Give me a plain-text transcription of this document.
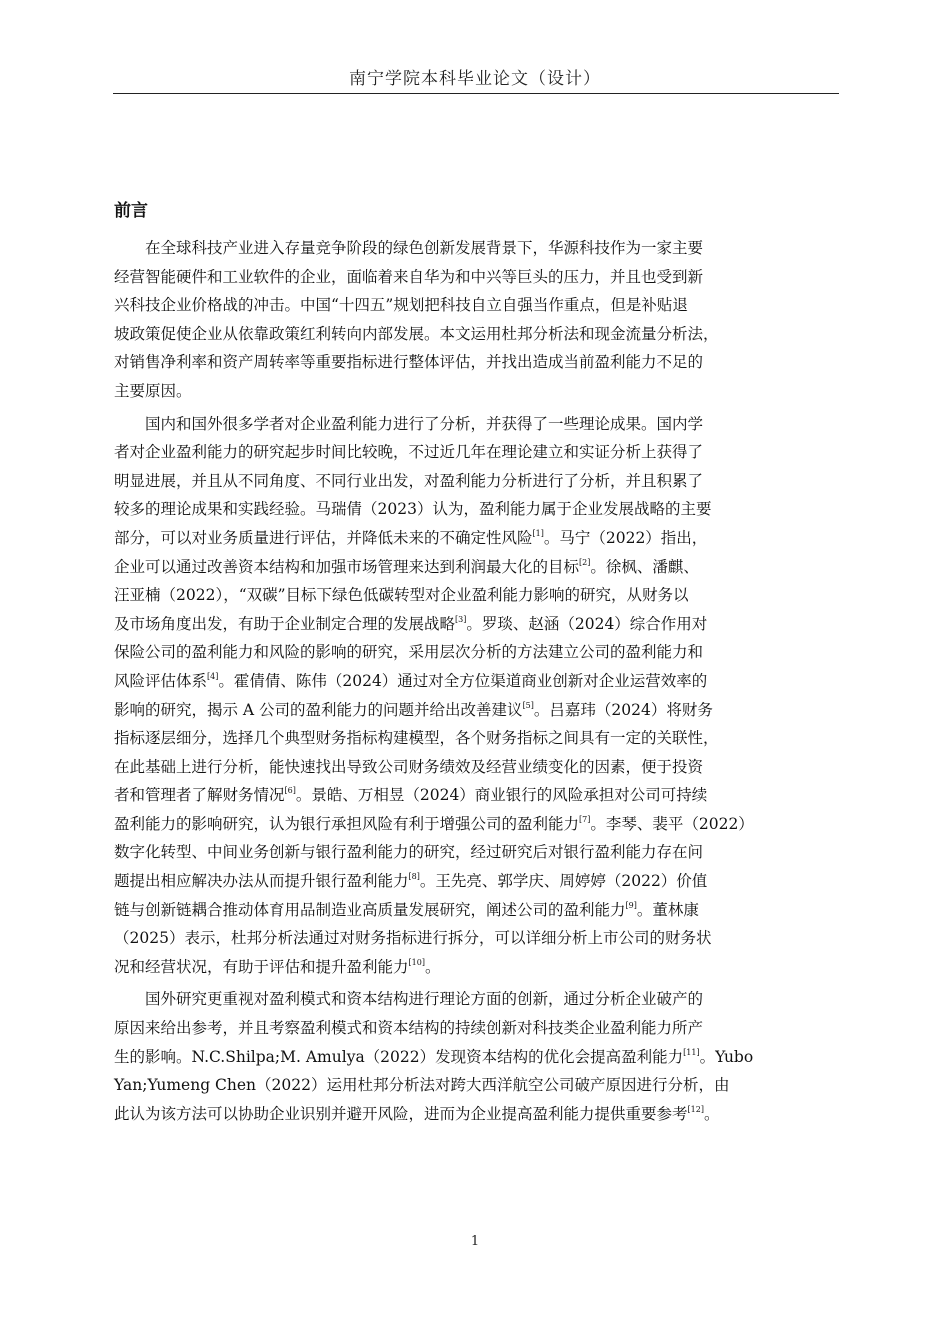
南宁学院本科毕业论文（设计）
前言

在全球科技产业进入存量竞争阶段的绿色创新发展背景下，华源科技作为一家主要
经营智能硬件和工业软件的企业，面临着来自华为和中兴等巨头的压力，并且也受到新
兴科技企业价格战的冲击。中国“十四五”规划把科技自立自强当作重点，但是补贴退
坡政策促使企业从依靠政策红利转向内部发展。本文运用杜邦分析法和现金流量分析法，
对销售净利率和资产周转率等重要指标进行整体评估，并找出造成当前盈利能力不足的
主要原因。

国内和国外很多学者对企业盈利能力进行了分析，并获得了一些理论成果。国内学
者对企业盈利能力的研究起步时间比较晚，不过近几年在理论建立和实证分析上获得了
明显进展，并且从不同角度、不同行业出发，对盈利能力分析进行了分析，并且积累了
较多的理论成果和实践经验。马瑞倩（2023）认为，盈利能力属于企业发展战略的主要
部分，可以对业务质量进行评估，并降低未来的不确定性风险[1]。马宁（2022）指出，
企业可以通过改善资本结构和加强市场管理来达到利润最大化的目标[2]。徐枫、潘麒、
汪亚楠（2022），“双碳”目标下绿色低碳转型对企业盈利能力影响的研究，从财务以
及市场角度出发，有助于企业制定合理的发展战略[3]。罗琰、赵涵（2024）综合作用对
保险公司的盈利能力和风险的影响的研究，采用层次分析的方法建立公司的盈利能力和
风险评估体系[4]。霍倩倩、陈伟（2024）通过对全方位渠道商业创新对企业运营效率的
影响的研究，揭示 A 公司的盈利能力的问题并给出改善建议[5]。吕嘉玮（2024）将财务
指标逐层细分，选择几个典型财务指标构建模型，各个财务指标之间具有一定的关联性，
在此基础上进行分析，能快速找出导致公司财务绩效及经营业绩变化的因素，便于投资
者和管理者了解财务情况[6]。景皓、万相昱（2024）商业银行的风险承担对公司可持续
盈利能力的影响研究，认为银行承担风险有利于增强公司的盈利能力[7]。李琴、裴平（2022）
数字化转型、中间业务创新与银行盈利能力的研究，经过研究后对银行盈利能力存在问
题提出相应解决办法从而提升银行盈利能力[8]。王先亮、郭学庆、周婷婷（2022）价值
链与创新链耦合推动体育用品制造业高质量发展研究，阐述公司的盈利能力[9]。董林康
（2025）表示，杜邦分析法通过对财务指标进行拆分，可以详细分析上市公司的财务状
况和经营状况，有助于评估和提升盈利能力[10]。

国外研究更重视对盈利模式和资本结构进行理论方面的创新，通过分析企业破产的
原因来给出参考，并且考察盈利模式和资本结构的持续创新对科技类企业盈利能力所产
生的影响。N.C.Shilpa;M. Amulya（2022）发现资本结构的优化会提高盈利能力[11]。Yubo
Yan;Yumeng Chen（2022）运用杜邦分析法对跨大西洋航空公司破产原因进行分析，由
此认为该方法可以协助企业识别并避开风险，进而为企业提高盈利能力提供重要参考[12]。

1
